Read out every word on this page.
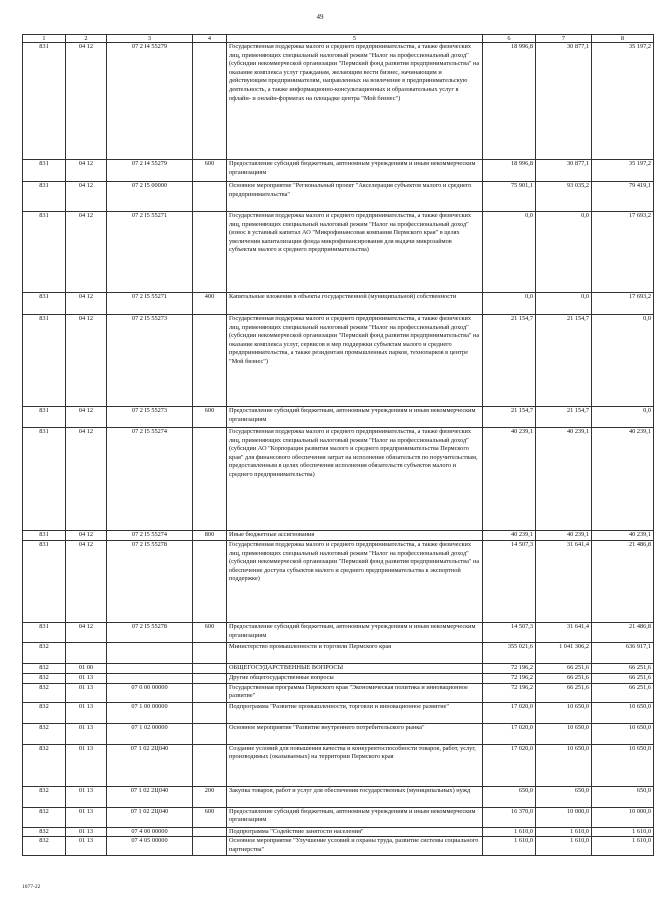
49
1	2	3	4	5	6	7	8
831	04 12	07 2 I4 55279		Государственная поддержка малого и среднего предпринимательства, а также физических лиц, применяющих специальный налоговый режим "Налог на профессиональный доход" (субсидии некоммерческой организации "Пермский фонд развития предпринимательства" на оказание комплекса услуг гражданам, желающим вести бизнес, начинающим и действующим предпринимателям, направленных на вовлечение в предпринимательскую деятельность, а также информационно-консультационных и образовательных услуг в офлайн- и онлайн-форматах на площадке центра "Мой бизнес")	18 996,8	30 877,1	35 197,2
831	04 12	07 2 I4 55279	600	Предоставление субсидий бюджетным, автономным учреждениям и иным некоммерческим организациям	18 996,8	30 877,1	35 197,2
831	04 12	07 2 I5 00000		Основное мероприятие "Региональный проект "Акселерация субъектов малого и среднего предпринимательства"	75 901,1	93 035,2	79 419,1
831	04 12	07 2 I5 55271		Государственная поддержка малого и среднего предпринимательства, а также физических лиц, применяющих специальный налоговый режим "Налог на профессиональный доход" (взнос в уставный капитал АО "Микрофинансовая компания Пермского края" в целях увеличения капитализации фонда микрофинансирования для выдачи микрозаймов субъектам малого и среднего предпринимательства)	0,0	0,0	17 693,2
831	04 12	07 2 I5 55271	400	Капитальные вложения в объекты государственной (муниципальной) собственности	0,0	0,0	17 693,2
831	04 12	07 2 I5 55273		Государственная поддержка малого и среднего предпринимательства, а также физических лиц, применяющих специальный налоговый режим "Налог на профессиональный доход" (субсидии некоммерческой организации "Пермский фонд развития предпринимательства" на оказание комплекса услуг, сервисов и мер поддержки субъектам малого и среднего предпринимательства, а также резидентам промышленных парков, технопарков в центре "Мой бизнес")	21 154,7	21 154,7	0,0
831	04 12	07 2 I5 55273	600	Предоставление субсидий бюджетным, автономным учреждениям и иным некоммерческим организациям	21 154,7	21 154,7	0,0
831	04 12	07 2 I5 55274		Государственная поддержка малого и среднего предпринимательства, а также физических лиц, применяющих специальный налоговый режим "Налог на профессиональный доход" (субсидии АО "Корпорация развития малого и среднего предпринимательства Пермского края" для финансового обеспечения затрат на исполнение обязательств по поручительствам, предоставленным в целях обеспечения исполнения обязательств субъектов малого и среднего предпринимательства)	40 239,1	40 239,1	40 239,1
831	04 12	07 2 I5 55274	800	Иные бюджетные ассигнования	40 239,1	40 239,1	40 239,1
831	04 12	07 2 I5 55278		Государственная поддержка малого и среднего предпринимательства, а также физических лиц, применяющих специальный налоговый режим "Налог на профессиональный доход" (субсидии некоммерческой организации "Пермский фонд развития предпринимательства" на обеспечение доступа субъектов малого и среднего предпринимательства к экспортной поддержке)	14 507,3	31 641,4	21 486,8
831	04 12	07 2 I5 55278	600	Предоставление субсидий бюджетным, автономным учреждениям и иным некоммерческим организациям	14 507,3	31 641,4	21 486,8
832				Министерство промышленности и торговли Пермского края	355 021,6	1 041 306,2	636 917,1
832	01 00			ОБЩЕГОСУДАРСТВЕННЫЕ ВОПРОСЫ	72 196,2	66 251,6	66 251,6
832	01 13			Другие общегосударственные вопросы	72 196,2	66 251,6	66 251,6
832	01 13	07 0 00 00000		Государственная программа Пермского края "Экономическая политика и инновационное развитие"	72 196,2	66 251,6	66 251,6
832	01 13	07 1 00 00000		Подпрограмма "Развитие промышленности, торговли и инновационное развитие"	17 020,0	10 650,0	10 650,0
832	01 13	07 1 02 00000		Основное мероприятие "Развитие внутреннего потребительского рынка"	17 020,0	10 650,0	10 650,0
832	01 13	07 1 02 2Ц040		Создание условий для повышения качества и конкурентоспособности товаров, работ, услуг, производимых (оказываемых) на территории Пермского края	17 020,0	10 650,0	10 650,0
832	01 13	07 1 02 2Ц040	200	Закупка товаров, работ и услуг для обеспечения государственных (муниципальных) нужд	650,0	650,0	650,0
832	01 13	07 1 02 2Ц040	600	Предоставление субсидий бюджетным, автономным учреждениям и иным некоммерческим организациям	16 370,0	10 000,0	10 000,0
832	01 13	07 4 00 00000		Подпрограмма "Содействие занятости населения"	1 610,0	1 610,0	1 610,0
832	01 13	07 4 05 00000		Основное мероприятие "Улучшение условий и охраны труда, развитие системы социального партнерства"	1 610,0	1 610,0	1 610,0
1077-22
